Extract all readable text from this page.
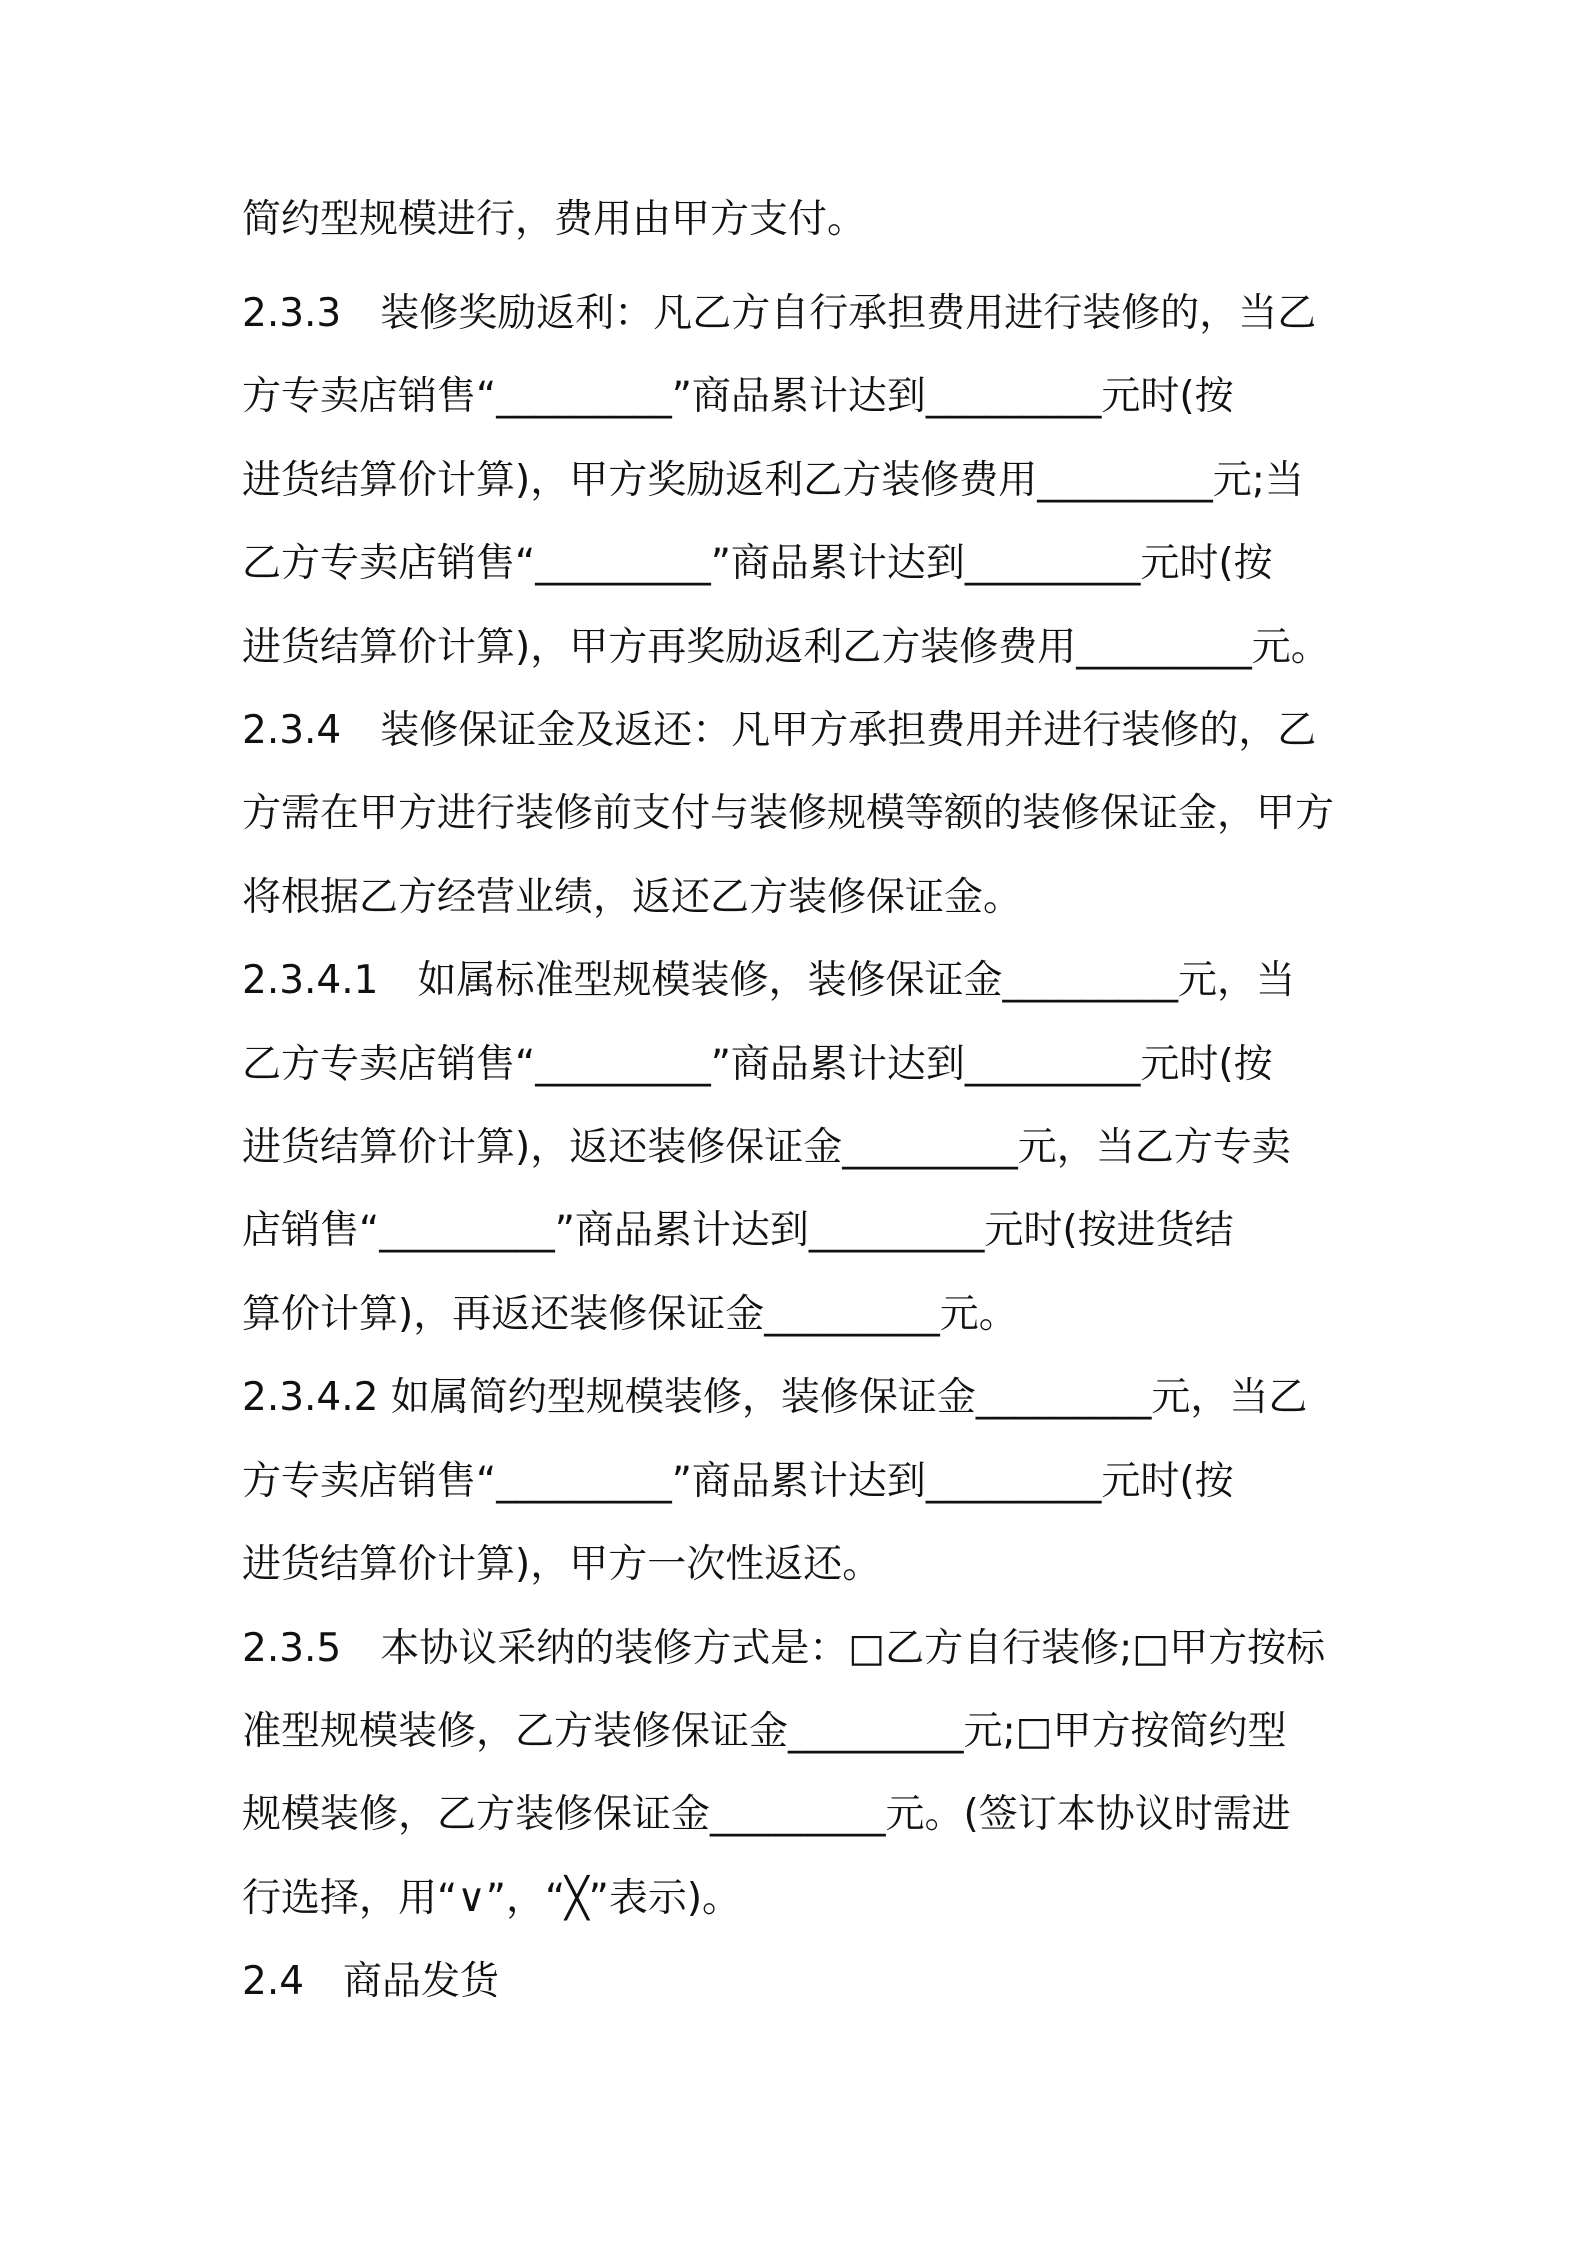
简约型规模进行，费用由甲方支付。
2.3.3　装修奖励返利：凡乙方自行承担费用进行装修的，当乙
方专卖店销售“_________”商品累计达到_________元时(按
进货结算价计算)，甲方奖励返利乙方装修费用_________元;当
乙方专卖店销售“_________”商品累计达到_________元时(按
进货结算价计算)，甲方再奖励返利乙方装修费用_________元。
2.3.4　装修保证金及返还：凡甲方承担费用并进行装修的，乙
方需在甲方进行装修前支付与装修规模等额的装修保证金，甲方
将根据乙方经营业绩，返还乙方装修保证金。
2.3.4.1　如属标准型规模装修，装修保证金_________元，当
乙方专卖店销售“_________”商品累计达到_________元时(按
进货结算价计算)，返还装修保证金_________元，当乙方专卖
店销售“_________”商品累计达到_________元时(按进货结
算价计算)，再返还装修保证金_________元。
2.3.4.2 如属简约型规模装修，装修保证金_________元，当乙
方专卖店销售“_________”商品累计达到_________元时(按
进货结算价计算)，甲方一次性返还。
2.3.5　本协议采纳的装修方式是：□乙方自行装修;□甲方按标
准型规模装修，乙方装修保证金_________元;□甲方按简约型
规模装修，乙方装修保证金_________元。(签订本协议时需进
行选择，用“∨”，“╳”表示)。
2.4　商品发货
